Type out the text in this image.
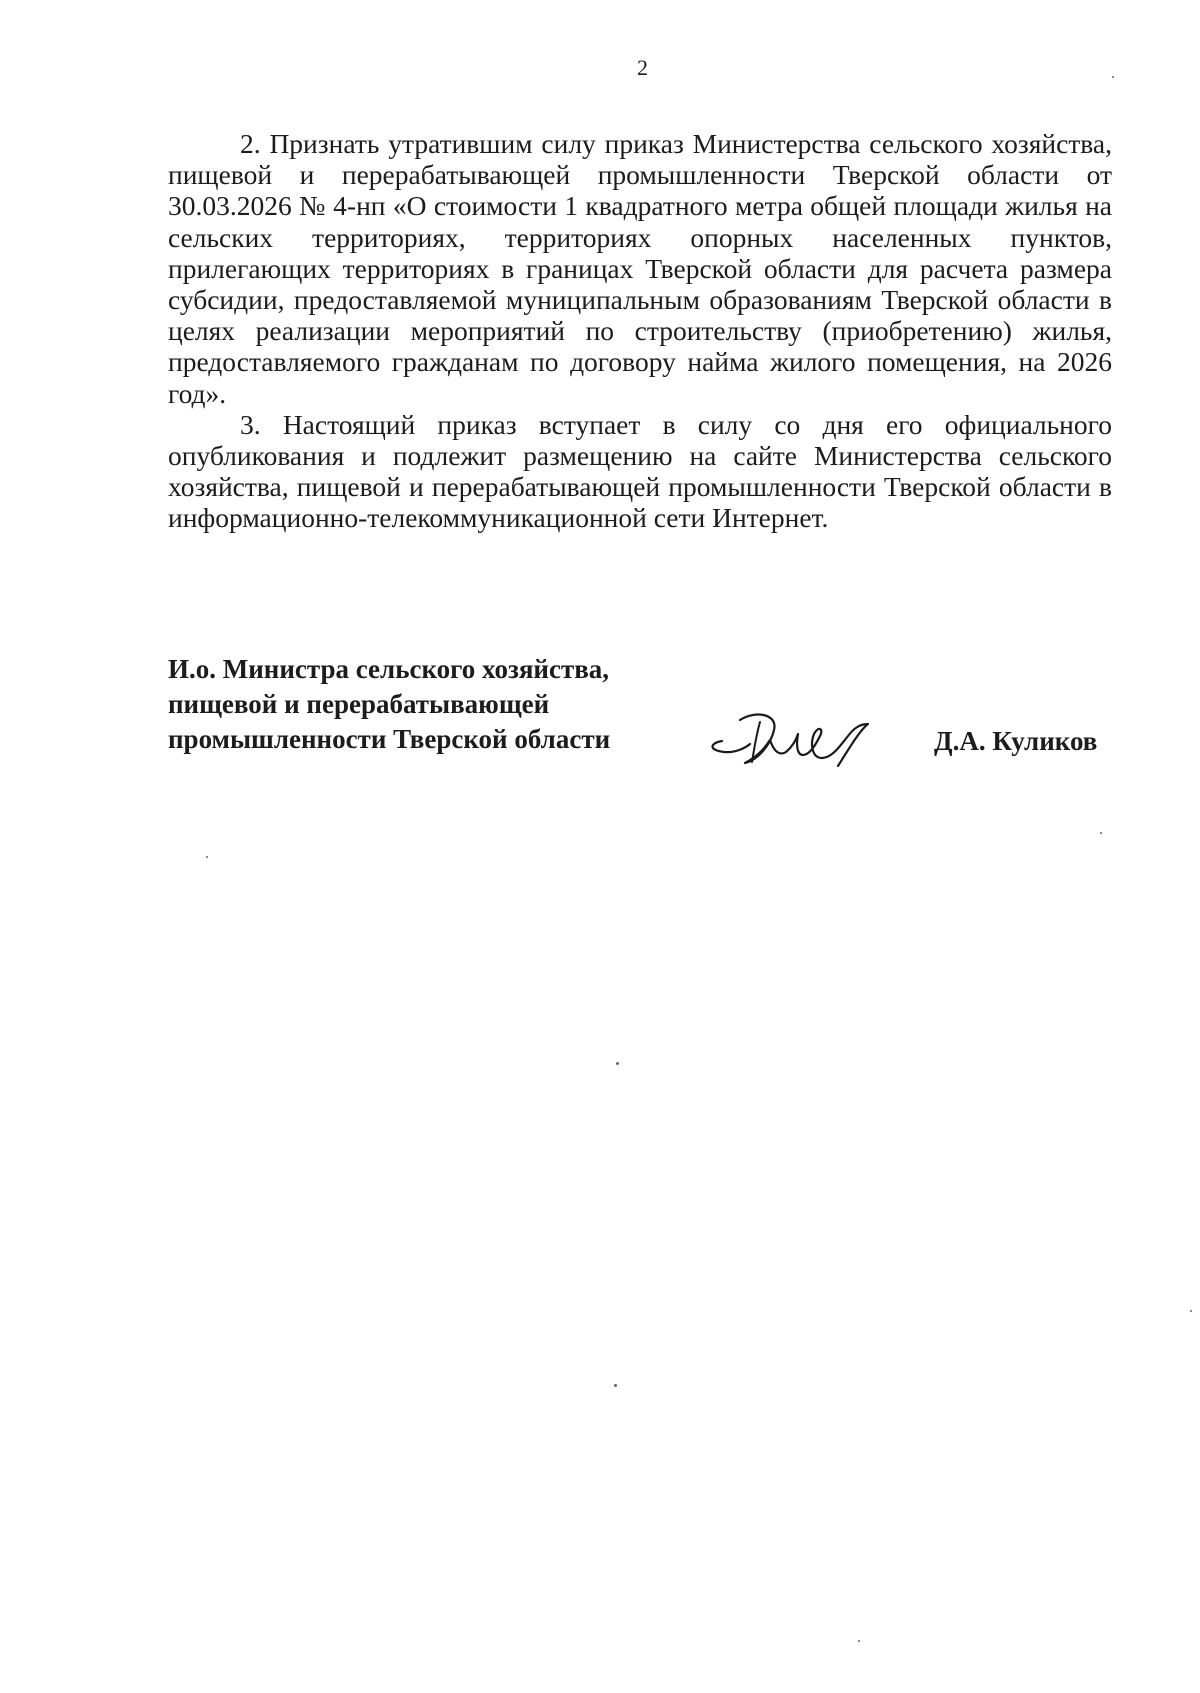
2

2. Признать утратившим силу приказ Министерства сельского хозяйства, пищевой и перерабатывающей промышленности Тверской области от 30.03.2026 № 4-нп «О стоимости 1 квадратного метра общей площади жилья на сельских территориях, территориях опорных населенных пунктов, прилегающих территориях в границах Тверской области для расчета размера субсидии, предоставляемой муниципальным образованиям Тверской области в целях реализации мероприятий по строительству (приобретению) жилья, предоставляемого гражданам по договору найма жилого помещения, на 2026 год».

3. Настоящий приказ вступает в силу со дня его официального опубликования и подлежит размещению на сайте Министерства сельского хозяйства, пищевой и перерабатывающей промышленности Тверской области в информационно-телекоммуникационной сети Интернет.

И.о. Министра сельского хозяйства,
пищевой и перерабатывающей
промышленности Тверской области	Д.А. Куликов
